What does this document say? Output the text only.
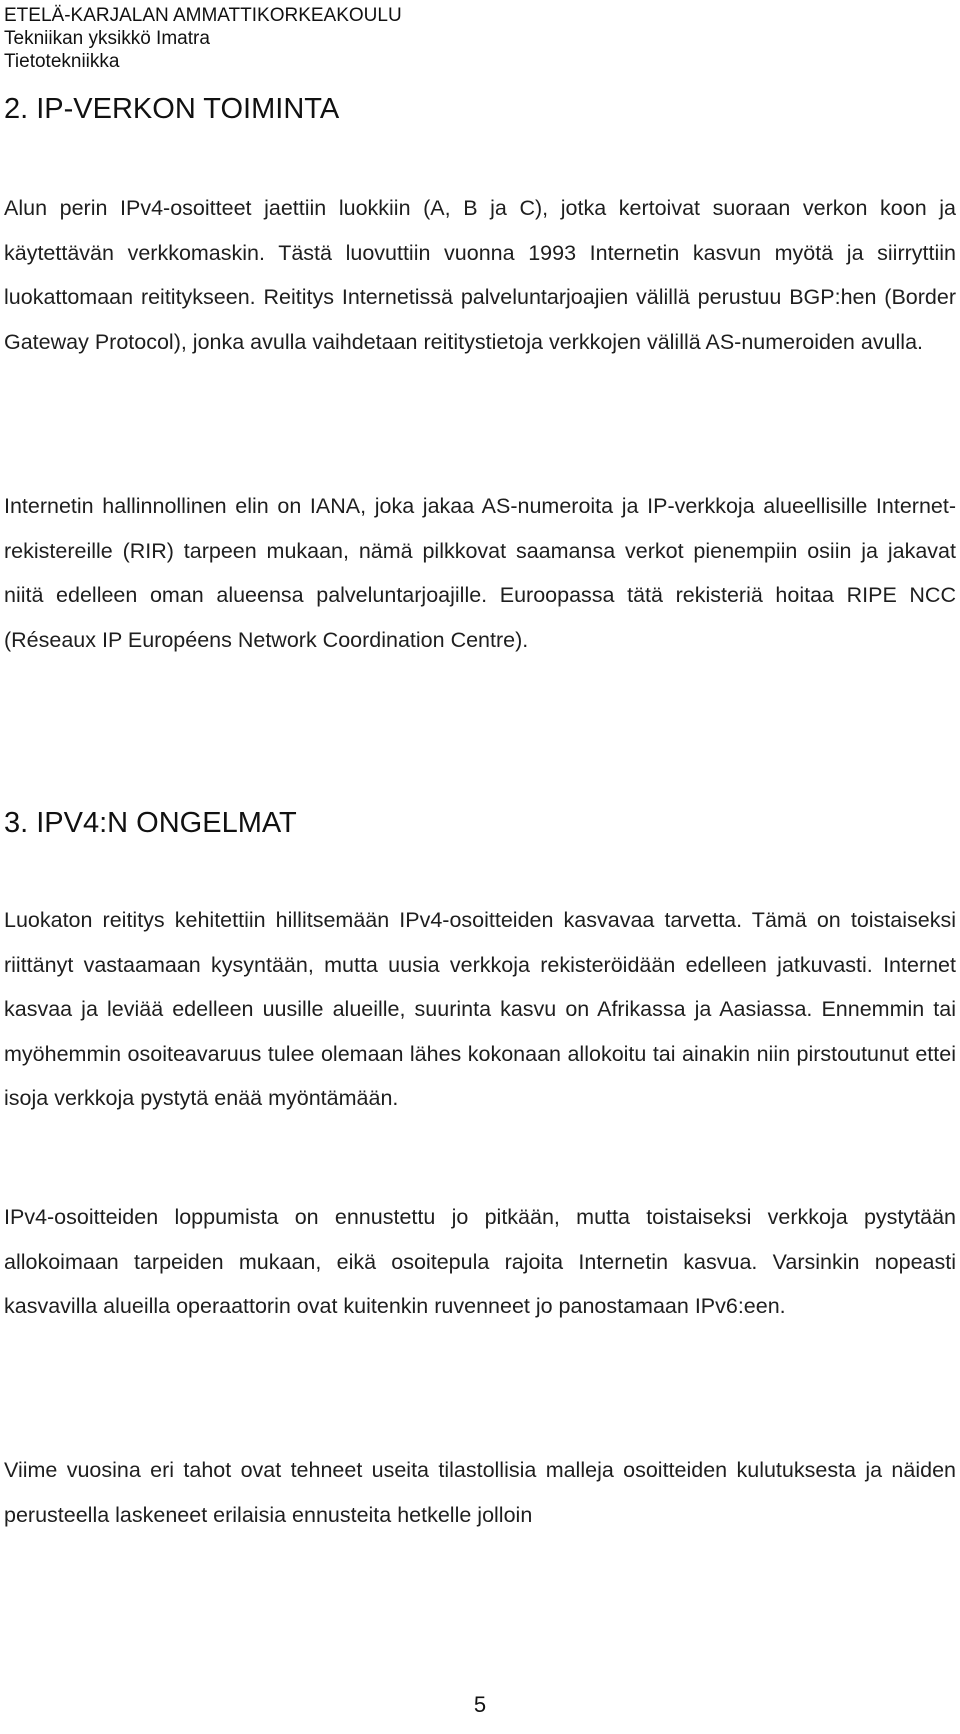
ETELÄ-KARJALAN AMMATTIKORKEAKOULU
Tekniikan yksikkö Imatra
Tietotekniikka
2. IP-VERKON TOIMINTA

Alun perin IPv4-osoitteet jaettiin luokkiin (A, B ja C), jotka kertoivat suoraan verkon koon ja käytettävän verkkomaskin. Tästä luovuttiin vuonna 1993 Internetin kasvun myötä ja siirryttiin luokattomaan reititykseen. Reititys Internetissä palveluntarjoajien välillä perustuu BGP:hen (Border Gateway Protocol), jonka avulla vaihdetaan reititystietoja verkkojen välillä AS-numeroiden avulla.

Internetin hallinnollinen elin on IANA, joka jakaa AS-numeroita ja IP-verkkoja alueellisille Internet-rekistereille (RIR) tarpeen mukaan, nämä pilkkovat saamansa verkot pienempiin osiin ja jakavat niitä edelleen oman alueensa palveluntarjoajille. Euroopassa tätä rekisteriä hoitaa RIPE NCC (Réseaux IP Européens Network Coordination Centre).

3. IPV4:N ONGELMAT

Luokaton reititys kehitettiin hillitsemään IPv4-osoitteiden kasvavaa tarvetta. Tämä on toistaiseksi riittänyt vastaamaan kysyntään, mutta uusia verkkoja rekisteröidään edelleen jatkuvasti. Internet kasvaa ja leviää edelleen uusille alueille, suurinta kasvu on Afrikassa ja Aasiassa. Ennemmin tai myöhemmin osoiteavaruus tulee olemaan lähes kokonaan allokoitu tai ainakin niin pirstoutunut ettei isoja verkkoja pystytä enää myöntämään.

IPv4-osoitteiden loppumista on ennustettu jo pitkään, mutta toistaiseksi verkkoja pystytään allokoimaan tarpeiden mukaan, eikä osoitepula rajoita Internetin kasvua. Varsinkin nopeasti kasvavilla alueilla operaattorin ovat kuitenkin ruvenneet jo panostamaan IPv6:een.

Viime vuosina eri tahot ovat tehneet useita tilastollisia malleja osoitteiden kulutuksesta ja näiden perusteella laskeneet erilaisia ennusteita hetkelle jolloin

5
